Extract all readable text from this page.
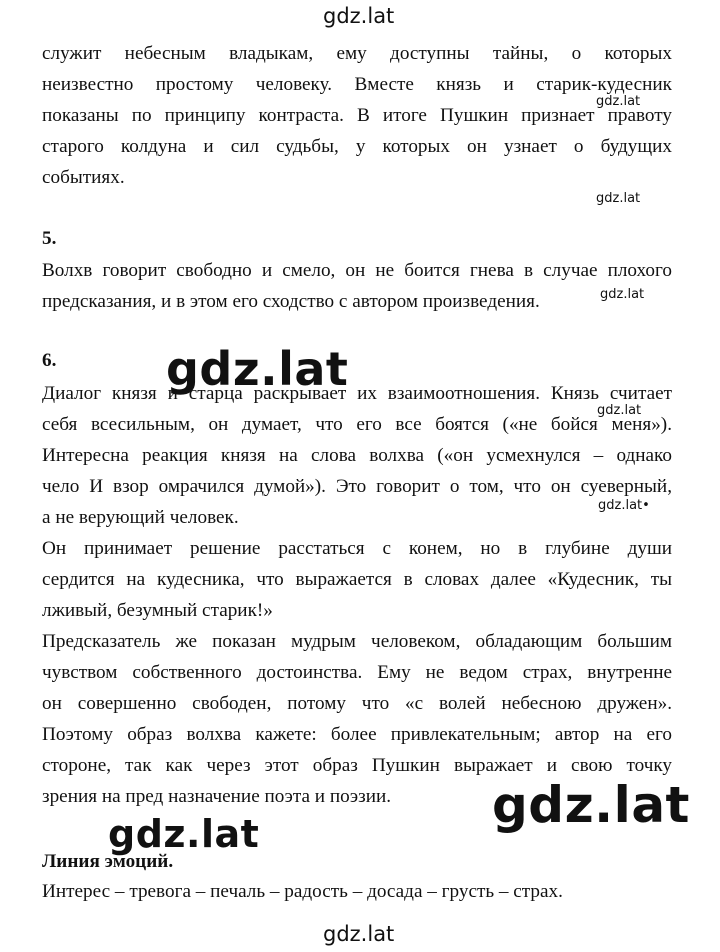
gdz.lat
gdz.lat
gdz.lat
gdz.lat
gdz.lat
gdz.lat
gdz.lat•
gdz.lat
gdz.lat
gdz.lat
служит небесным владыкам, ему доступны тайны, о которых
неизвестно простому человеку. Вместе князь и старик-кудесник
показаны по принципу контраста. В итоге Пушкин признает правоту
старого колдуна и сил судьбы, у которых он узнает о будущих
событиях.
5.
Волхв говорит свободно и смело, он не боится гнева в случае плохого
предсказания, и в этом его сходство с автором произведения.
6.
Диалог князя и старца раскрывает их взаимоотношения. Князь считает
себя всесильным, он думает, что его все боятся («не бойся меня»).
Интересна реакция князя на слова волхва («он усмехнулся – однако
чело И взор омрачился думой»). Это говорит о том, что он суеверный,
а не верующий человек.
Он принимает решение расстаться с конем, но в глубине души
сердится на кудесника, что выражается в словах далее «Кудесник, ты
лживый, безумный старик!»
Предсказатель же показан мудрым человеком, обладающим большим
чувством собственного достоинства. Ему не ведом страх, внутренне
он совершенно свободен, потому что «с волей небесною дружен».
Поэтому образ волхва кажете: более привлекательным; автор на его
стороне, так как через этот образ Пушкин выражает и свою точку
зрения на пред назначение поэта и поэзии.
Линия эмоций.
Интерес – тревога – печаль – радость – досада – грусть – страх.
